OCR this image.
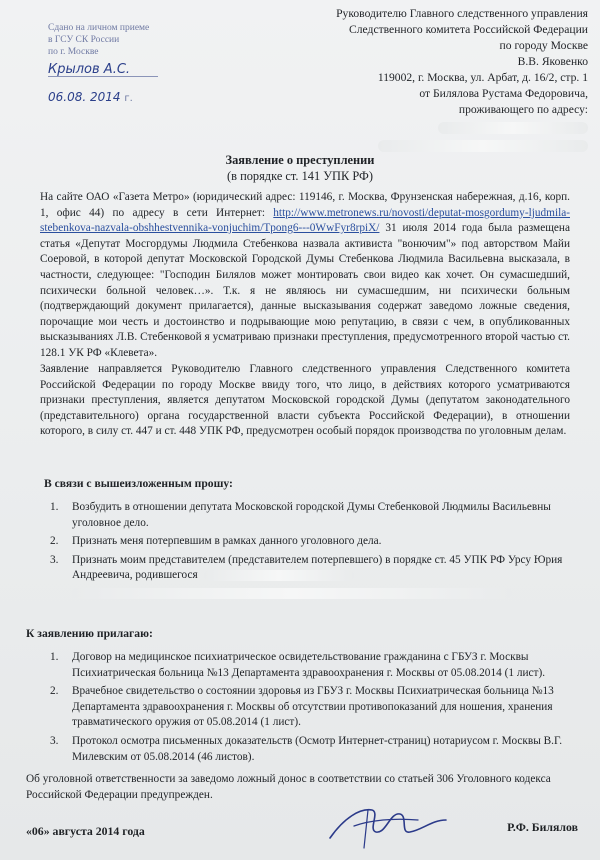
Сдано на личном приеме
в ГСУ СК России
по г. Москве
Крылов А.С.
06.08. 2014 г.
Руководителю Главного следственного управления
Следственного комитета Российской Федерации
по городу Москве
В.В. Яковенко
119002, г. Москва, ул. Арбат, д. 16/2, стр. 1
от Билялова Рустама Федоровича,
проживающего по адресу:
Заявление о преступлении
(в порядке ст. 141 УПК РФ)
На сайте ОАО «Газета Метро» (юридический адрес: 119146, г. Москва, Фрунзенская набережная, д.16, корп. 1, офис 44) по адресу в сети Интернет: http://www.metronews.ru/novosti/deputat-mosgordumy-ljudmila-stebenkova-nazvala-obshhestvennika-vonjuchim/Tpong6---0WwFyr8rpiX/ 31 июля 2014 года была размещена статья «Депутат Мосгордумы Людмила Стебенкова назвала активиста "вонючим"» под авторством Майи Соеровой, в которой депутат Московской Городской Думы Стебенкова Людмила Васильевна высказала, в частности, следующее: "Господин Билялов может монтировать свои видео как хочет. Он сумасшедший, психически больной человек…». Т.к. я не являюсь ни сумасшедшим, ни психически больным (подтверждающий документ прилагается), данные высказывания содержат заведомо ложные сведения, порочащие мои честь и достоинство и подрывающие мою репутацию, в связи с чем, в опубликованных высказываниях Л.В. Стебенковой я усматриваю признаки преступления, предусмотренного второй частью ст. 128.1 УК РФ «Клевета».
Заявление направляется Руководителю Главного следственного управления Следственного комитета Российской Федерации по городу Москве ввиду того, что лицо, в действиях которого усматриваются признаки преступления, является депутатом Московской городской Думы (депутатом законодательного (представительного) органа государственной власти субъекта Российской Федерации), в отношении которого, в силу ст. 447 и ст. 448 УПК РФ, предусмотрен особый порядок производства по уголовным делам.
В связи с вышеизложенным прошу:
1. Возбудить в отношении депутата Московской городской Думы Стебенковой Людмилы Васильевны уголовное дело.
2. Признать меня потерпевшим в рамках данного уголовного дела.
3. Признать моим представителем (представителем потерпевшего) в порядке ст. 45 УПК РФ Урсу Юрия Андреевича, родившегося
К заявлению прилагаю:
1. Договор на медицинское психиатрическое освидетельствование гражданина с ГБУЗ г. Москвы Психиатрическая больница №13 Департамента здравоохранения г. Москвы от 05.08.2014 (1 лист).
2. Врачебное свидетельство о состоянии здоровья из ГБУЗ г. Москвы Психиатрическая больница №13 Департамента здравоохранения г. Москвы об отсутствии противопоказаний для ношения, хранения травматического оружия от 05.08.2014 (1 лист).
3. Протокол осмотра письменных доказательств (Осмотр Интернет-страниц) нотариусом г. Москвы В.Г. Милевским от 05.08.2014 (46 листов).
Об уголовной ответственности за заведомо ложный донос в соответствии со статьей 306 Уголовного кодекса Российской Федерации предупрежден.
«06» августа 2014 года	Р.Ф. Билялов
